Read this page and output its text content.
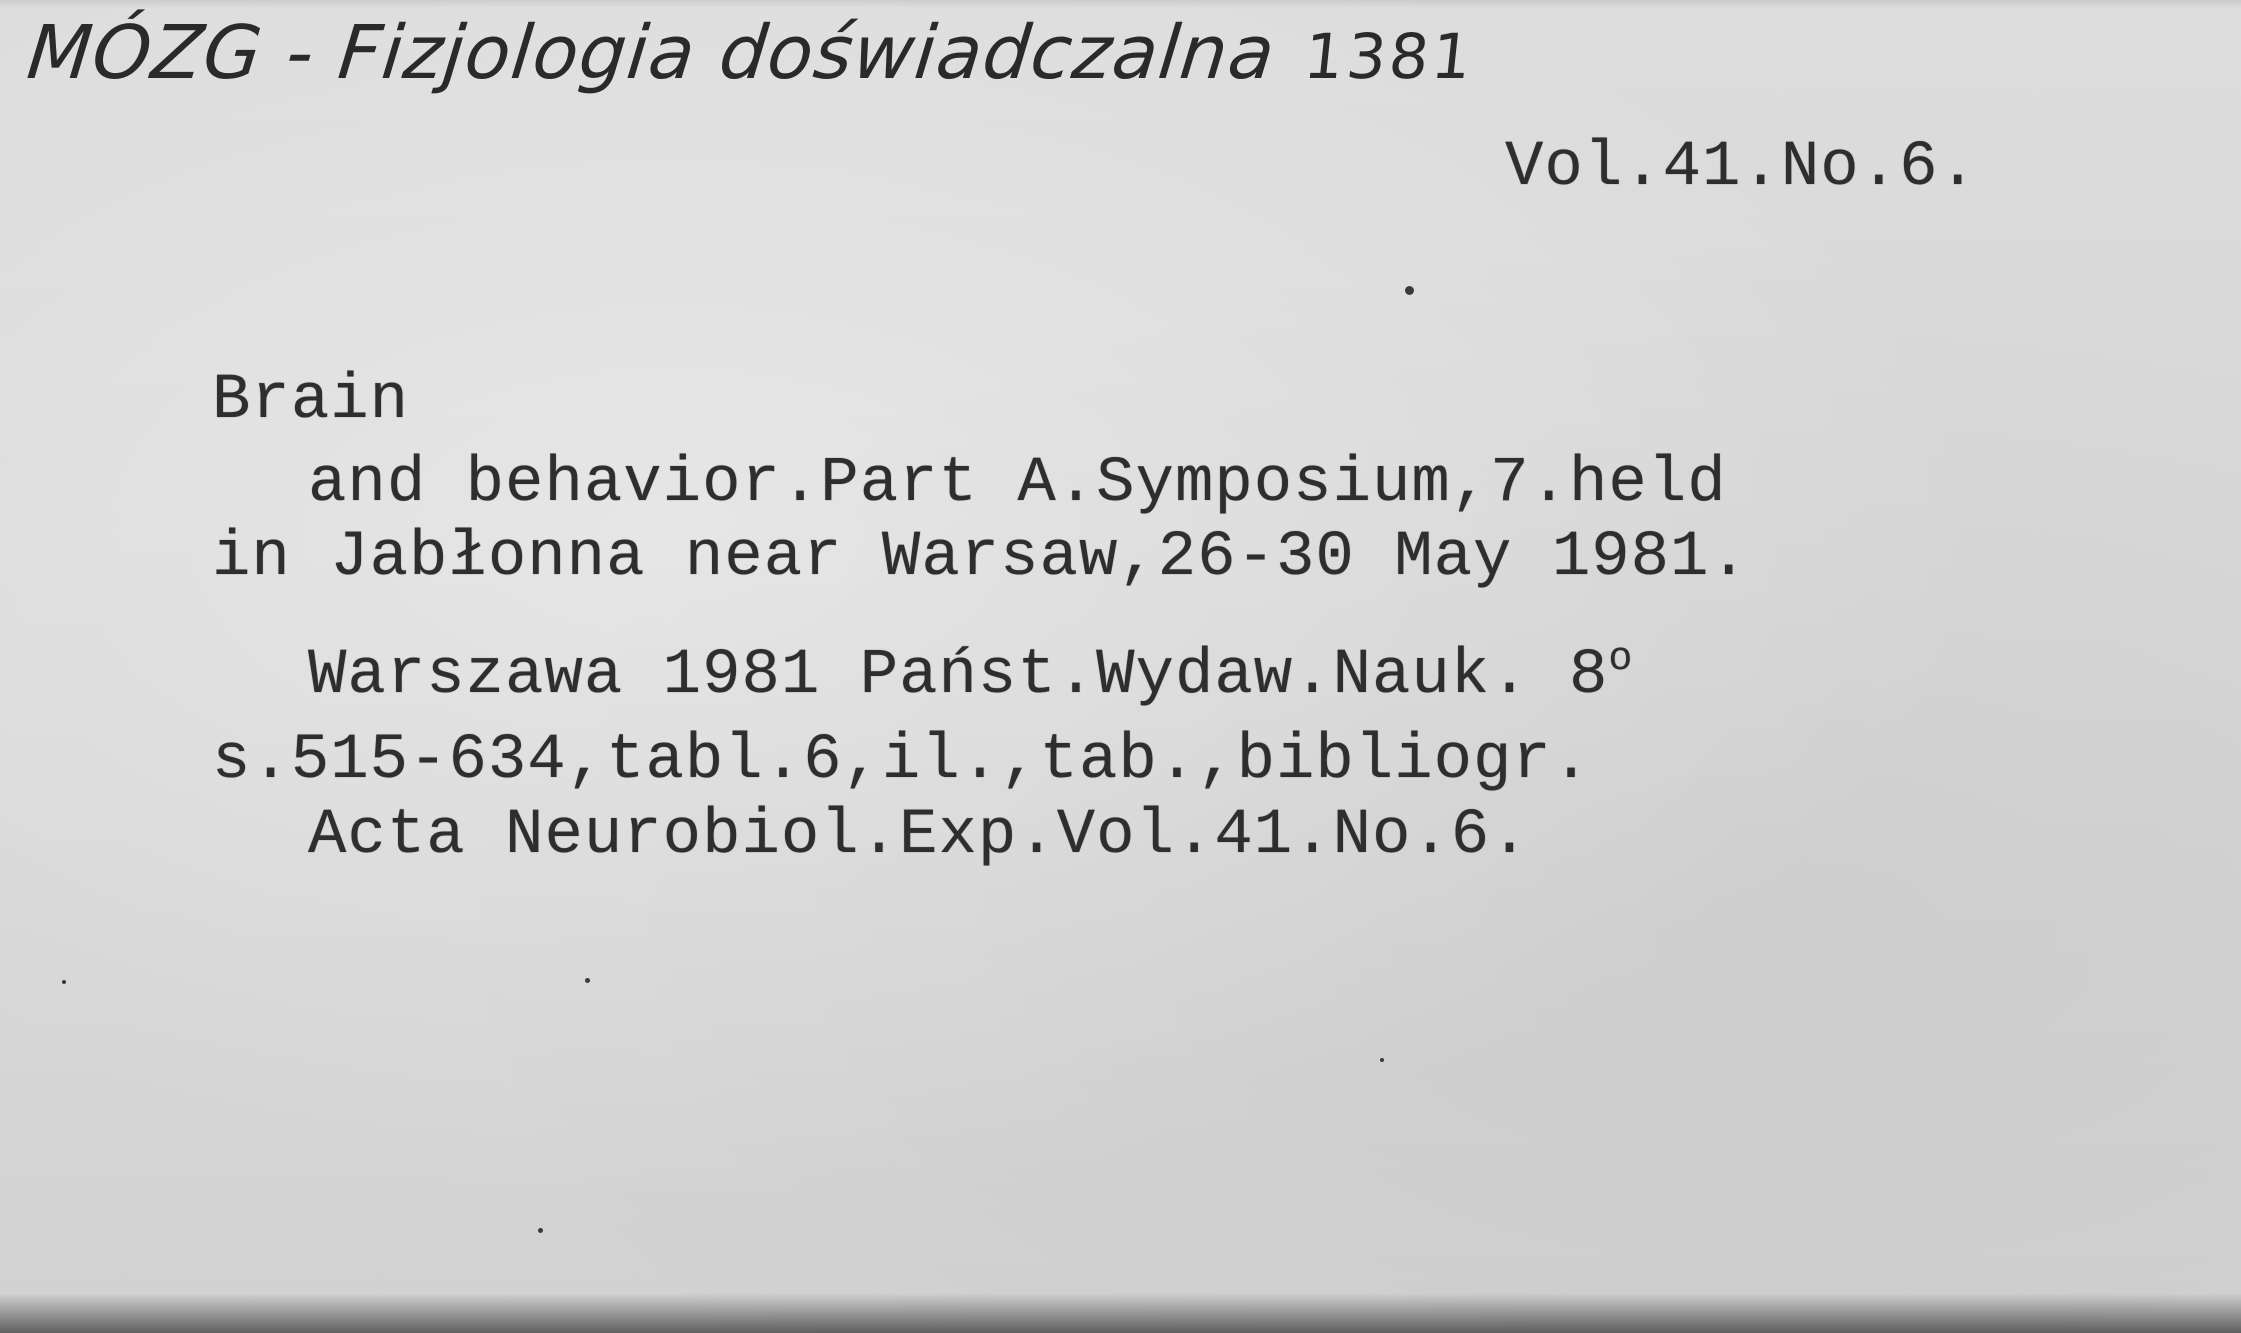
MÓZG - Fizjologia doświadczalna 1381
Vol.41.No.6.
Brain
and behavior.Part A.Symposium,7.held
in Jabłonna near Warsaw,26-30 May 1981.
Warszawa 1981 Państ.Wydaw.Nauk. 8$^o$
s.515-634,tabl.6,il.,tab.,bibliogr.
Acta Neurobiol.Exp.Vol.41.No.6.
